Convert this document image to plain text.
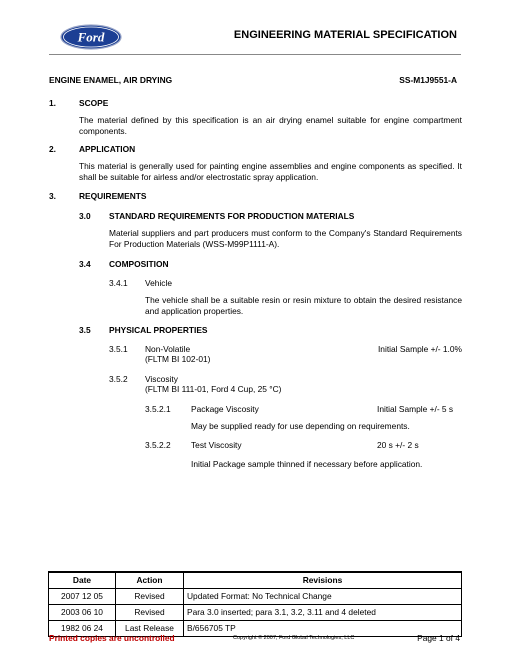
Ford	ENGINEERING MATERIAL SPECIFICATION
ENGINE ENAMEL, AIR DRYING	SS-M1J9551-A
1.	SCOPE
The material defined by this specification is an air drying enamel suitable for engine compartment components.
2.	APPLICATION
This material is generally used for painting engine assemblies and engine components as specified. It shall be suitable for airless and/or electrostatic spray application.
3.	REQUIREMENTS
3.0 STANDARD REQUIREMENTS FOR PRODUCTION MATERIALS
Material suppliers and part producers must conform to the Company's Standard Requirements For Production Materials (WSS-M99P1111-A).
3.4 COMPOSITION
3.4.1 Vehicle
The vehicle shall be a suitable resin or resin mixture to obtain the desired resistance and application properties.
3.5 PHYSICAL PROPERTIES
3.5.1 Non-Volatile
(FLTM BI 102-01)
Initial Sample +/- 1.0%
3.5.2 Viscosity
(FLTM BI 111-01, Ford 4 Cup, 25 °C)
3.5.2.1 Package Viscosity	Initial Sample +/- 5 s
May be supplied ready for use depending on requirements.
3.5.2.2 Test Viscosity	20 s +/- 2 s
Initial Package sample thinned if necessary before application.
Date	Action	Revisions
2007 12 05	Revised	Updated Format: No Technical Change
2003 06 10	Revised	Para 3.0 inserted; para 3.1, 3.2, 3.11 and 4 deleted
1982 06 24	Last Release	B/656705 TP
Printed copies are uncontrolled	Copyright © 2007, Ford Global Technologies, LLC	Page 1 of 4
